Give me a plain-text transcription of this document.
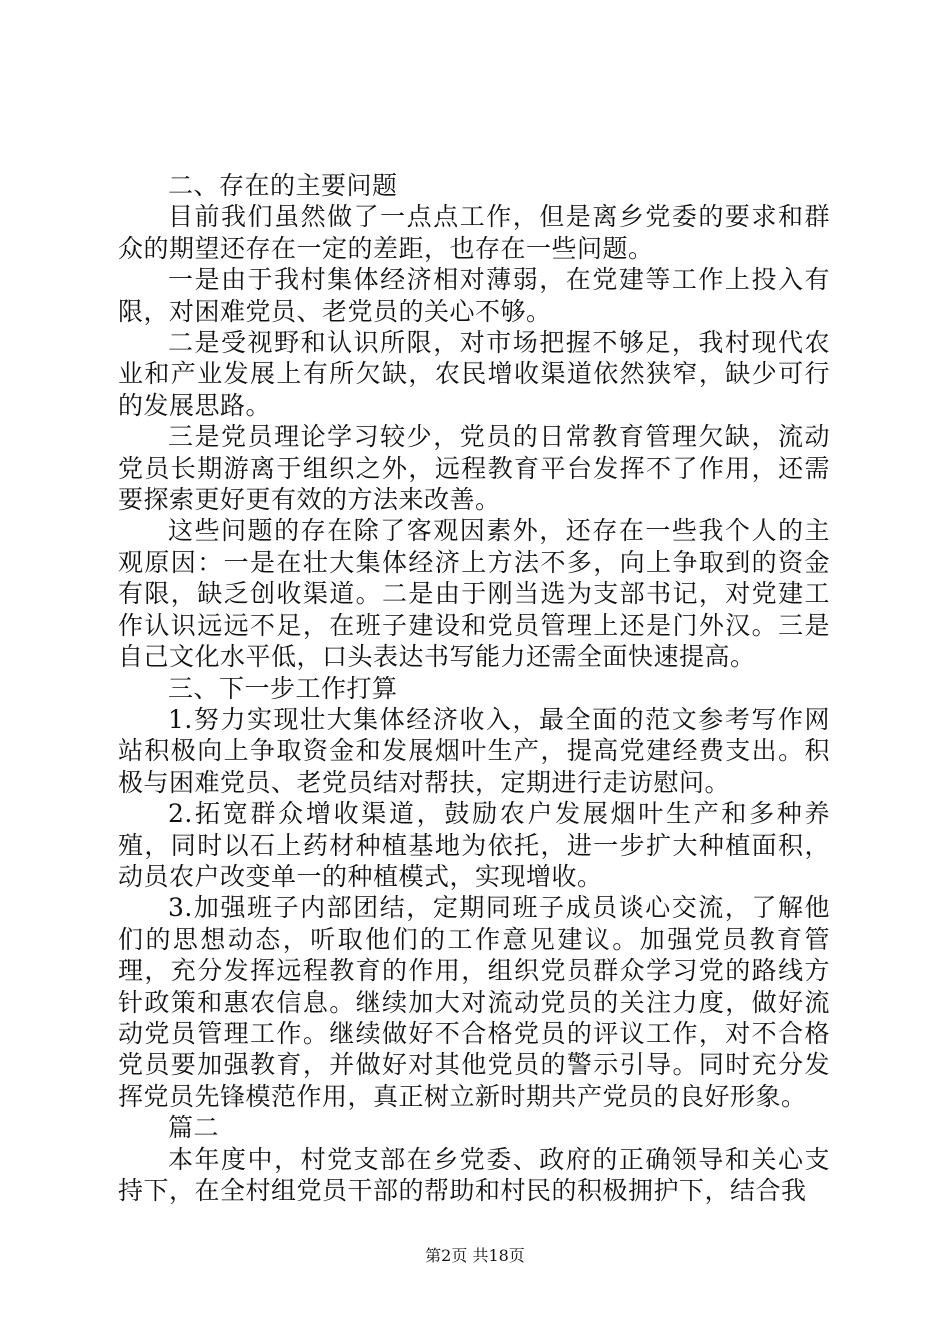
二、存在的主要问题

目前我们虽然做了一点点工作，但是离乡党委的要求和群众的期望还存在一定的差距，也存在一些问题。

一是由于我村集体经济相对薄弱，在党建等工作上投入有限，对困难党员、老党员的关心不够。

二是受视野和认识所限，对市场把握不够足，我村现代农业和产业发展上有所欠缺，农民增收渠道依然狭窄，缺少可行的发展思路。

三是党员理论学习较少，党员的日常教育管理欠缺，流动党员长期游离于组织之外，远程教育平台发挥不了作用，还需要探索更好更有效的方法来改善。

这些问题的存在除了客观因素外，还存在一些我个人的主观原因：一是在壮大集体经济上方法不多，向上争取到的资金有限，缺乏创收渠道。二是由于刚当选为支部书记，对党建工作认识远远不足，在班子建设和党员管理上还是门外汉。三是自己文化水平低，口头表达书写能力还需全面快速提高。

三、下一步工作打算

1.努力实现壮大集体经济收入，最全面的范文参考写作网站积极向上争取资金和发展烟叶生产，提高党建经费支出。积极与困难党员、老党员结对帮扶，定期进行走访慰问。

2.拓宽群众增收渠道，鼓励农户发展烟叶生产和多种养殖，同时以石上药材种植基地为依托，进一步扩大种植面积，动员农户改变单一的种植模式，实现增收。

3.加强班子内部团结，定期同班子成员谈心交流，了解他们的思想动态，听取他们的工作意见建议。加强党员教育管理，充分发挥远程教育的作用，组织党员群众学习党的路线方针政策和惠农信息。继续加大对流动党员的关注力度，做好流动党员管理工作。继续做好不合格党员的评议工作，对不合格党员要加强教育，并做好对其他党员的警示引导。同时充分发挥党员先锋模范作用，真正树立新时期共产党员的良好形象。

篇二

本年度中，村党支部在乡党委、政府的正确领导和关心支持下，在全村组党员干部的帮助和村民的积极拥护下，结合我

第2页 共18页
